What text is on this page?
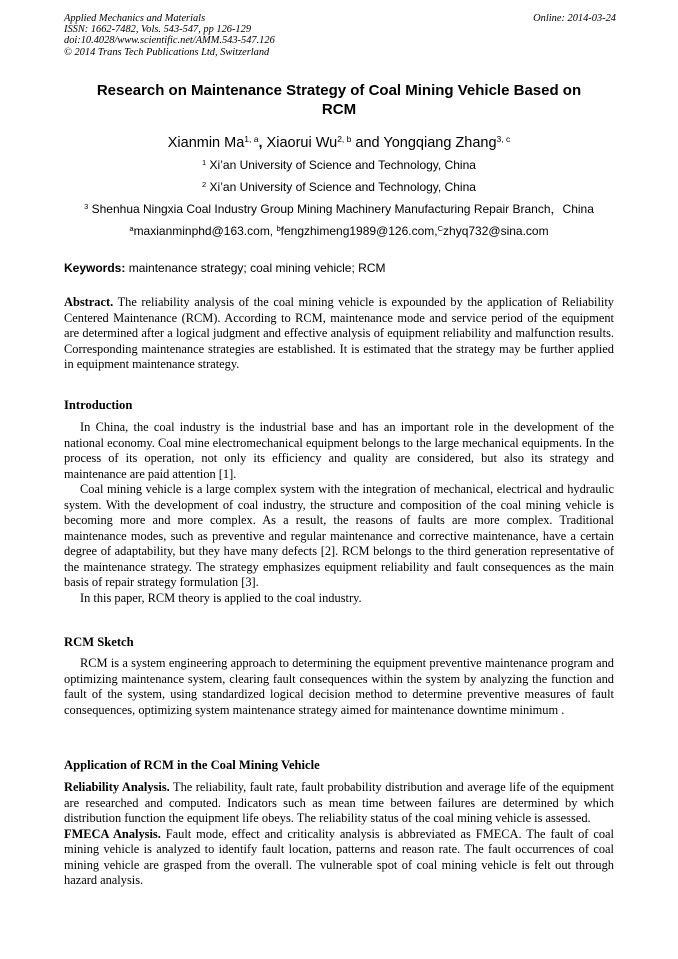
Applied Mechanics and Materials
ISSN: 1662-7482, Vols. 543-547, pp 126-129
doi:10.4028/www.scientific.net/AMM.543-547.126
© 2014 Trans Tech Publications Ltd, Switzerland
Online: 2014-03-24
Research on Maintenance Strategy of Coal Mining Vehicle Based on
RCM
Xianmin Ma$^{1, a}$, Xiaorui Wu$^{2, b}$ and Yongqiang Zhang$^{3, c}$
$^1$ Xi’an University of Science and Technology, China
$^2$ Xi’an University of Science and Technology, China
$^3$ Shenhua Ningxia Coal Industry Group Mining Machinery Manufacturing Repair Branch，China
$^a$maxianminphd@163.com, $^b$fengzhimeng1989@126.com,$^C$zhyq732@sina.com
Keywords: maintenance strategy; coal mining vehicle; RCM

Abstract. The reliability analysis of the coal mining vehicle is expounded by the application of Reliability Centered Maintenance (RCM). According to RCM, maintenance mode and service period of the equipment are determined after a logical judgment and effective analysis of equipment reliability and malfunction results. Corresponding maintenance strategies are established. It is estimated that the strategy may be further applied in equipment maintenance strategy.

Introduction

In China, the coal industry is the industrial base and has an important role in the development of the national economy. Coal mine electromechanical equipment belongs to the large mechanical equipments. In the process of its operation, not only its efficiency and quality are considered, but also its strategy and maintenance are paid attention [1].

Coal mining vehicle is a large complex system with the integration of mechanical, electrical and hydraulic system. With the development of coal industry, the structure and composition of the coal mining vehicle is becoming more and more complex. As a result, the reasons of faults are more complex. Traditional maintenance modes, such as preventive and regular maintenance and corrective maintenance, have a certain degree of adaptability, but they have many defects [2]. RCM belongs to the third generation representative of the maintenance strategy. The strategy emphasizes equipment reliability and fault consequences as the main basis of repair strategy formulation [3].

In this paper, RCM theory is applied to the coal industry.

RCM Sketch

RCM is a system engineering approach to determining the equipment preventive maintenance program and optimizing maintenance system, clearing fault consequences within the system by analyzing the function and fault of the system, using standardized logical decision method to determine preventive measures of fault consequences, optimizing system maintenance strategy aimed for maintenance downtime minimum .

Application of RCM in the Coal Mining Vehicle

Reliability Analysis. The reliability, fault rate, fault probability distribution and average life of the equipment are researched and computed. Indicators such as mean time between failures are determined by which distribution function the equipment life obeys. The reliability status of the coal mining vehicle is assessed.

FMECA Analysis. Fault mode, effect and criticality analysis is abbreviated as FMECA. The fault of coal mining vehicle is analyzed to identify fault location, patterns and reason rate. The fault occurrences of coal mining vehicle are grasped from the overall. The vulnerable spot of coal mining vehicle is felt out through hazard analysis.
